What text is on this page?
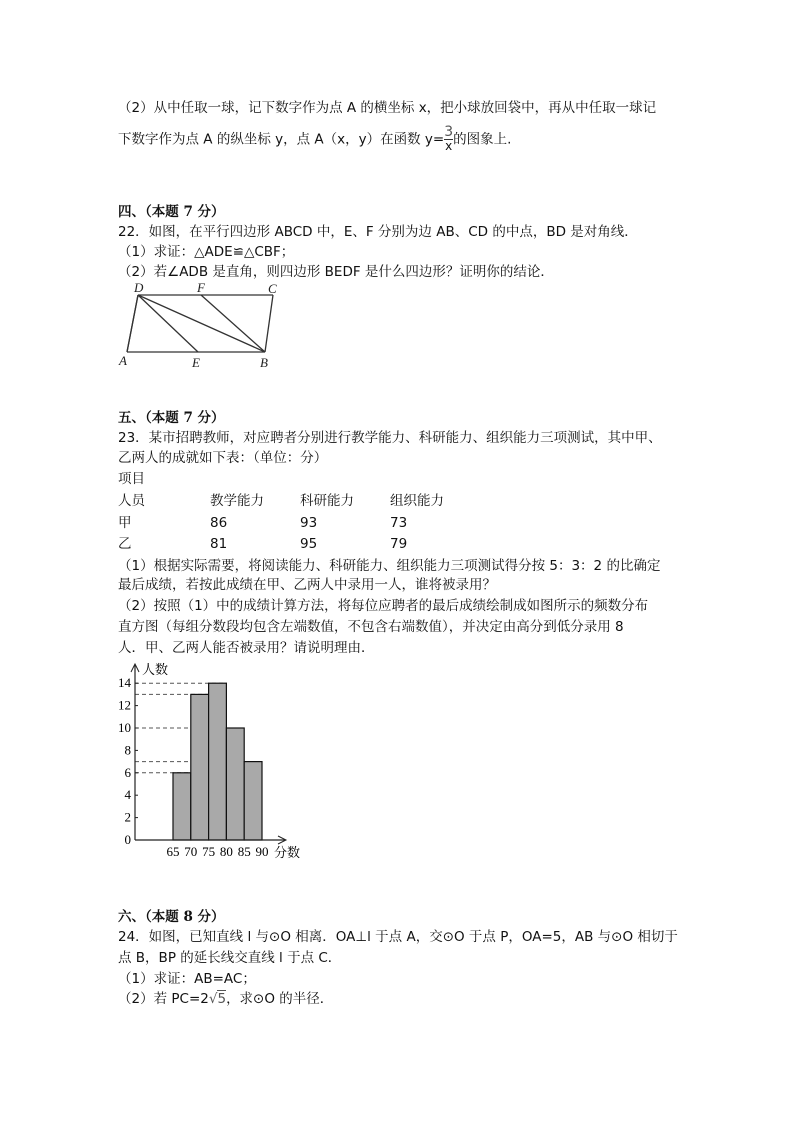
（2）从中任取一球，记下数字作为点 A 的横坐标 x，把小球放回袋中，再从中任取一球记
下数字作为点 A 的纵坐标 y，点 A（x，y）在函数 $y= \frac{3}{x}$ 的图象上.
四、（本题 7 分）
22．如图，在平行四边形 ABCD 中，E、F 分别为边 AB、CD 的中点，BD 是对角线．
（1）求证：△ADE≌△CBF；
（2）若∠ADB 是直角，则四边形 BEDF 是什么四边形？证明你的结论．
D	F	C
A	E	B
五、（本题 7 分）
23．某市招聘教师，对应聘者分别进行教学能力、科研能力、组织能力三项测试，其中甲、
乙两人的成就如下表：（单位：分）
项目
人员	教学能力	科研能力	组织能力
甲	86	93	73
乙	81	95	79
（1）根据实际需要，将阅读能力、科研能力、组织能力三项测试得分按 5：3：2 的比确定
最后成绩，若按此成绩在甲、乙两人中录用一人，谁将被录用？
（2）按照（1）中的成绩计算方法，将每位应聘者的最后成绩绘制成如图所示的频数分布
直方图（每组分数段均包含左端数值，不包含右端数值），并决定由高分到低分录用 8
人．甲、乙两人能否被录用？请说明理由．
0
2
4
6
8
10
12
14
65 70 75 80 85 90
人数
分数
六、（本题 8 分）
24．如图，已知直线 l 与⊙O 相离．OA⊥l 于点 A，交⊙O 于点 P，OA=5，AB 与⊙O 相切于
点 B，BP 的延长线交直线 l 于点 C．
（1）求证：AB=AC；
（2）若 PC=2√5，求⊙O 的半径．
